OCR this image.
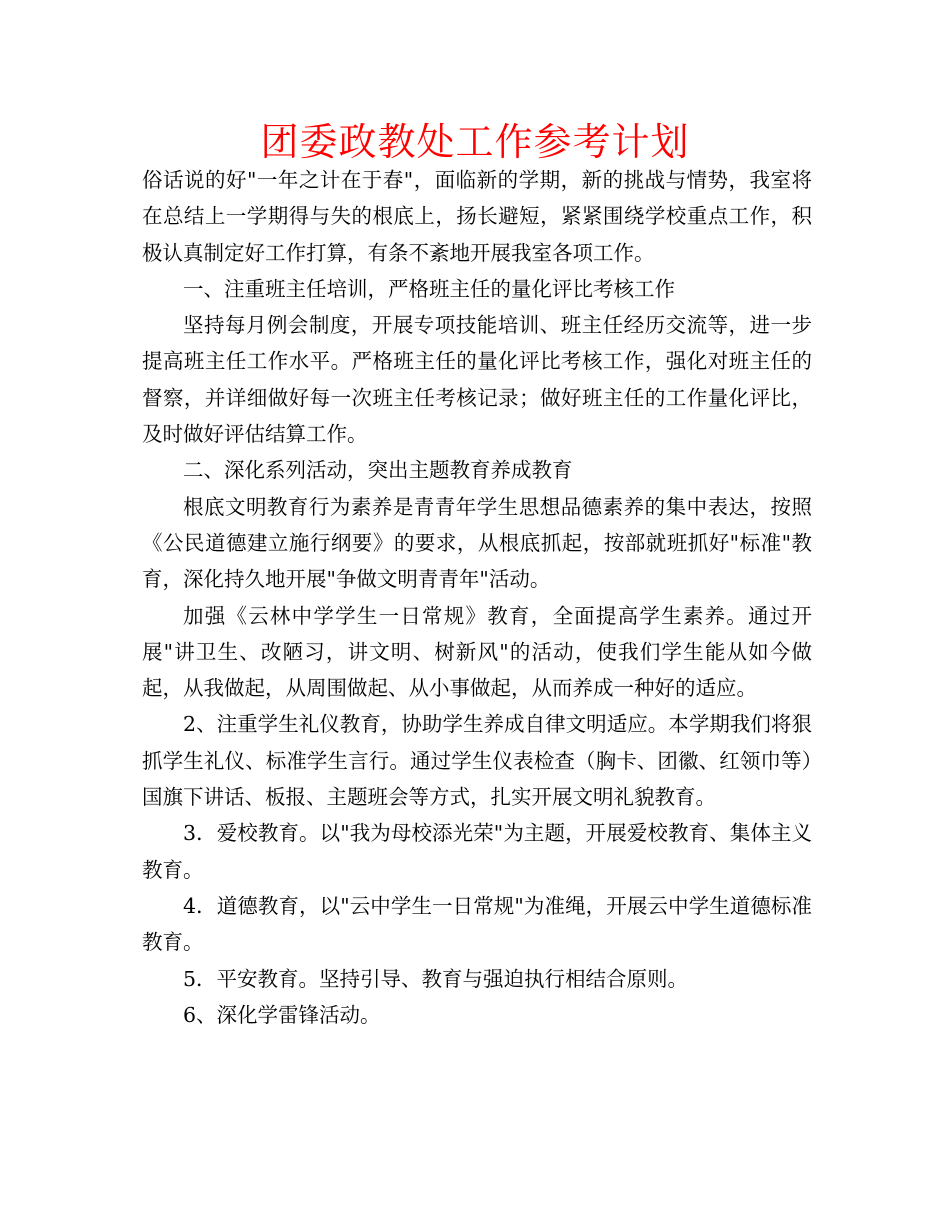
团委政教处工作参考计划

俗话说的好"一年之计在于春"，面临新的学期，新的挑战与情势，我室将在总结上一学期得与失的根底上，扬长避短，紧紧围绕学校重点工作，积极认真制定好工作打算，有条不紊地开展我室各项工作。

一、注重班主任培训，严格班主任的量化评比考核工作

坚持每月例会制度，开展专项技能培训、班主任经历交流等，进一步提高班主任工作水平。严格班主任的量化评比考核工作，强化对班主任的督察，并详细做好每一次班主任考核记录；做好班主任的工作量化评比，及时做好评估结算工作。

二、深化系列活动，突出主题教育养成教育

根底文明教育行为素养是青青年学生思想品德素养的集中表达，按照《公民道德建立施行纲要》的要求，从根底抓起，按部就班抓好"标准"教育，深化持久地开展"争做文明青青年"活动。

加强《云林中学学生一日常规》教育，全面提高学生素养。通过开展"讲卫生、改陋习，讲文明、树新风"的活动，使我们学生能从如今做起，从我做起，从周围做起、从小事做起，从而养成一种好的适应。

2、注重学生礼仪教育，协助学生养成自律文明适应。本学期我们将狠抓学生礼仪、标准学生言行。通过学生仪表检查（胸卡、团徽、红领巾等）国旗下讲话、板报、主题班会等方式，扎实开展文明礼貌教育。

3．爱校教育。以"我为母校添光荣"为主题，开展爱校教育、集体主义教育。

4．道德教育，以"云中学生一日常规"为准绳，开展云中学生道德标准教育。

5．平安教育。坚持引导、教育与强迫执行相结合原则。

6、深化学雷锋活动。
